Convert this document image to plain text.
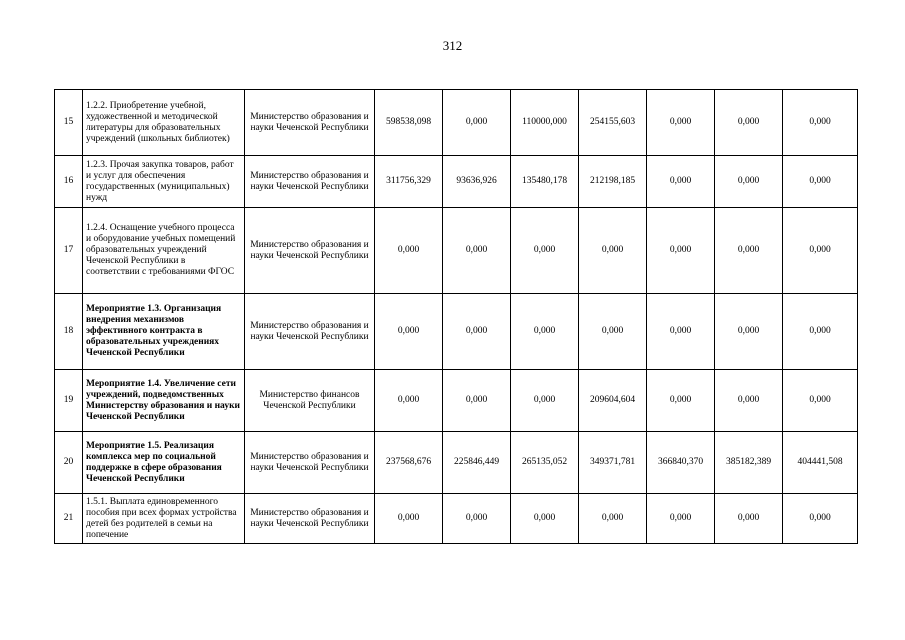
312
15	1.2.2. Приобретение учебной, художественной и методической литературы для образовательных учреждений (школьных библиотек)	Министерство образования и науки Чеченской Республики	598538,098	0,000	110000,000	254155,603	0,000	0,000	0,000
16	1.2.3. Прочая закупка товаров, работ и услуг для обеспечения государственных (муниципальных) нужд	Министерство образования и науки Чеченской Республики	311756,329	93636,926	135480,178	212198,185	0,000	0,000	0,000
17	1.2.4. Оснащение учебного процесса и оборудование учебных помещений образовательных учреждений Чеченской Республики в соответствии с требованиями ФГОС	Министерство образования и науки Чеченской Республики	0,000	0,000	0,000	0,000	0,000	0,000	0,000
18	Мероприятие 1.3. Организация внедрения механизмов эффективного контракта в образовательных учреждениях Чеченской Республики	Министерство образования и науки Чеченской Республики	0,000	0,000	0,000	0,000	0,000	0,000	0,000
19	Мероприятие 1.4. Увеличение сети учреждений, подведомственных Министерству образования и науки Чеченской Республики	Министерство финансов Чеченской Республики	0,000	0,000	0,000	209604,604	0,000	0,000	0,000
20	Мероприятие 1.5. Реализация комплекса мер по социальной поддержке в сфере образования Чеченской Республики	Министерство образования и науки Чеченской Республики	237568,676	225846,449	265135,052	349371,781	366840,370	385182,389	404441,508
21	1.5.1. Выплата единовременного пособия при всех формах устройства детей без родителей в семьи на попечение	Министерство образования и науки Чеченской Республики	0,000	0,000	0,000	0,000	0,000	0,000	0,000
